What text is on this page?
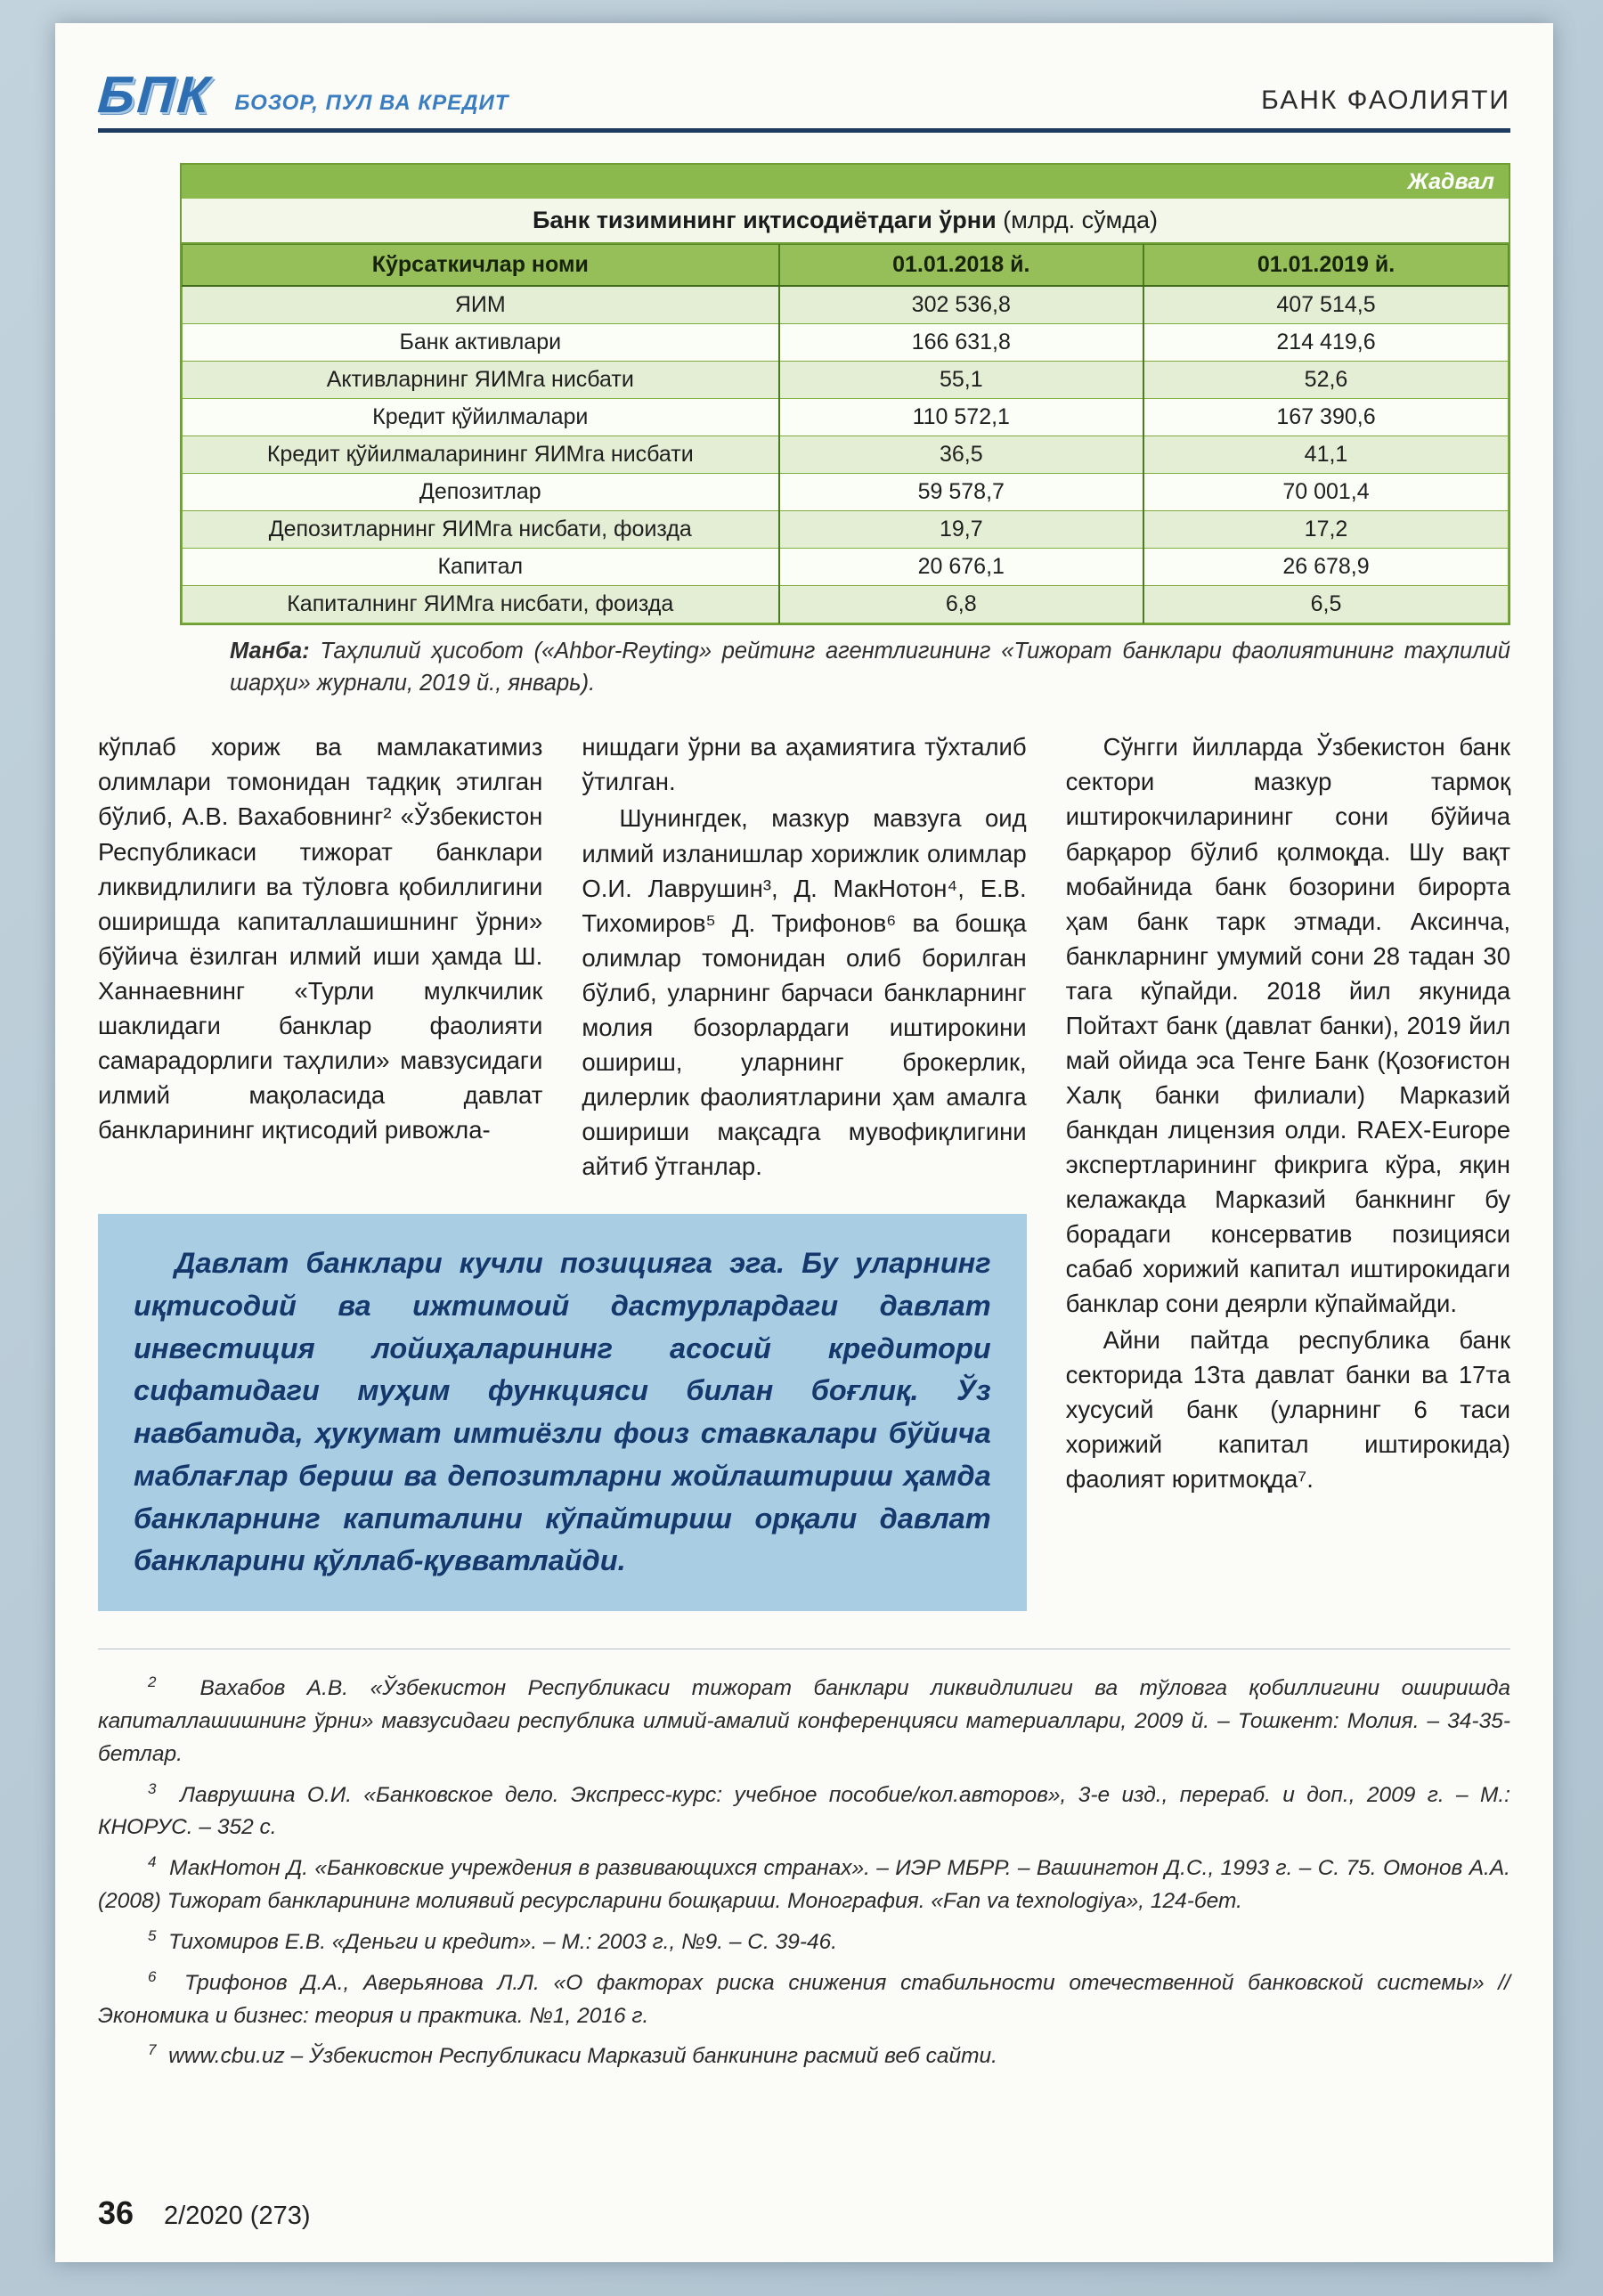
БПК БОЗОР, ПУЛ ВА КРЕДИТ	БАНК ФАОЛИЯТИ
Жадвал
Банк тизимининг иқтисодиётдаги ўрни (млрд. сўмда)
Кўрсаткичлар номи	01.01.2018 й.	01.01.2019 й.
ЯИМ	302 536,8	407 514,5
Банк активлари	166 631,8	214 419,6
Активларнинг ЯИМга нисбати	55,1	52,6
Кредит қўйилмалари	110 572,1	167 390,6
Кредит қўйилмаларининг ЯИМга нисбати	36,5	41,1
Депозитлар	59 578,7	70 001,4
Депозитларнинг ЯИМга нисбати, фоизда	19,7	17,2
Капитал	20 676,1	26 678,9
Капиталнинг ЯИМга нисбати, фоизда	6,8	6,5

Манба: Таҳлилий ҳисобот («Ahbor-Reyting» рейтинг агентлигининг «Тижорат банклари фаолиятининг таҳлилий шарҳи» журнали, 2019 й., январь).

кўплаб хориж ва мамлакатимиз олимлари томонидан тадқиқ этилган бўлиб, А.В. Вахабовнинг² «Ўзбекистон Республикаси тижорат банклари ликвидлилиги ва тўловга қобиллигини оширишда капиталлашишнинг ўрни» бўйича ёзилган илмий иши ҳамда Ш. Ханнаевнинг «Турли мулкчилик шаклидаги банклар фаолияти самарадорлиги таҳлили» мавзусидаги илмий мақоласида давлат банкларининг иқтисодий ривожла-

нишдаги ўрни ва аҳамиятига тўхталиб ўтилган.

Шунингдек, мазкур мавзуга оид илмий изланишлар хорижлик олимлар О.И. Лаврушин³, Д. МакНотон⁴, Е.В. Тихомиров⁵ Д. Трифонов⁶ ва бошқа олимлар томонидан олиб борилган бўлиб, уларнинг барчаси банкларнинг молия бозорлардаги иштирокини ошириш, уларнинг брокерлик, дилерлик фаолиятларини ҳам амалга ошириши мақсадга мувофиқлигини айтиб ўтганлар.

Сўнгги йилларда Ўзбекистон банк сектори мазкур тармоқ иштирокчиларининг сони бўйича барқарор бўлиб қолмоқда. Шу вақт мобайнида банк бозорини бирорта ҳам банк тарк этмади. Аксинча, банкларнинг умумий сони 28 тадан 30 тага кўпайди. 2018 йил якунида Пойтахт банк (давлат банки), 2019 йил май ойида эса Тенге Банк (Қозоғистон Халқ банки филиали) Марказий банкдан лицензия олди. RAEX-Europe экспертларининг фикрига кўра, яқин келажакда Марказий банкнинг бу борадаги консерватив позицияси сабаб хорижий капитал иштирокидаги банклар сони деярли кўпаймайди.

Айни пайтда республика банк секторида 13та давлат банки ва 17та хусусий банк (уларнинг 6 таси хорижий капитал иштирокида) фаолият юритмоқда⁷.

Давлат банклари кучли позицияга эга. Бу уларнинг иқтисодий ва ижтимоий дастурлардаги давлат инвестиция лойиҳаларининг асосий кредитори сифатидаги муҳим функцияси билан боғлиқ. Ўз навбатида, ҳукумат имтиёзли фоиз ставкалари бўйича маблағлар бериш ва депозитларни жойлаштириш ҳамда банкларнинг капиталини кўпайтириш орқали давлат банкларини қўллаб-қувватлайди.

$^2$  Вахабов А.В. «Ўзбекистон Республикаси тижорат банклари ликвидлилиги ва тўловга қобиллигини оширишда капиталлашишнинг ўрни» мавзусидаги республика илмий-амалий конференцияси материаллари, 2009 й. – Тошкент: Молия. – 34-35-бетлар.

$^3$  Лаврушина О.И. «Банковское дело. Экспресс-курс: учебное пособие/кол.авторов», 3-е изд., перераб. и доп., 2009 г. – М.: КНОРУС. – 352 с.

$^4$  МакНотон Д. «Банковские учреждения в развивающихся странах». – ИЭР МБРР. – Вашингтон Д.С., 1993 г. – С. 75. Омонов А.А. (2008) Тижорат банкларининг молиявий ресурсларини бошқариш. Монография. «Fan va texnologiya», 124-бет.

$^5$  Тихомиров Е.В. «Деньги и кредит». – М.: 2003 г., №9. – С. 39-46.

$^6$  Трифонов Д.А., Аверьянова Л.Л. «О факторах риска снижения стабильности отечественной банковской системы» // Экономика и бизнес: теория и практика. №1, 2016 г.

$^7$  www.cbu.uz – Ўзбекистон Республикаси Марказий банкининг расмий веб сайти.

36 2/2020 (273)
